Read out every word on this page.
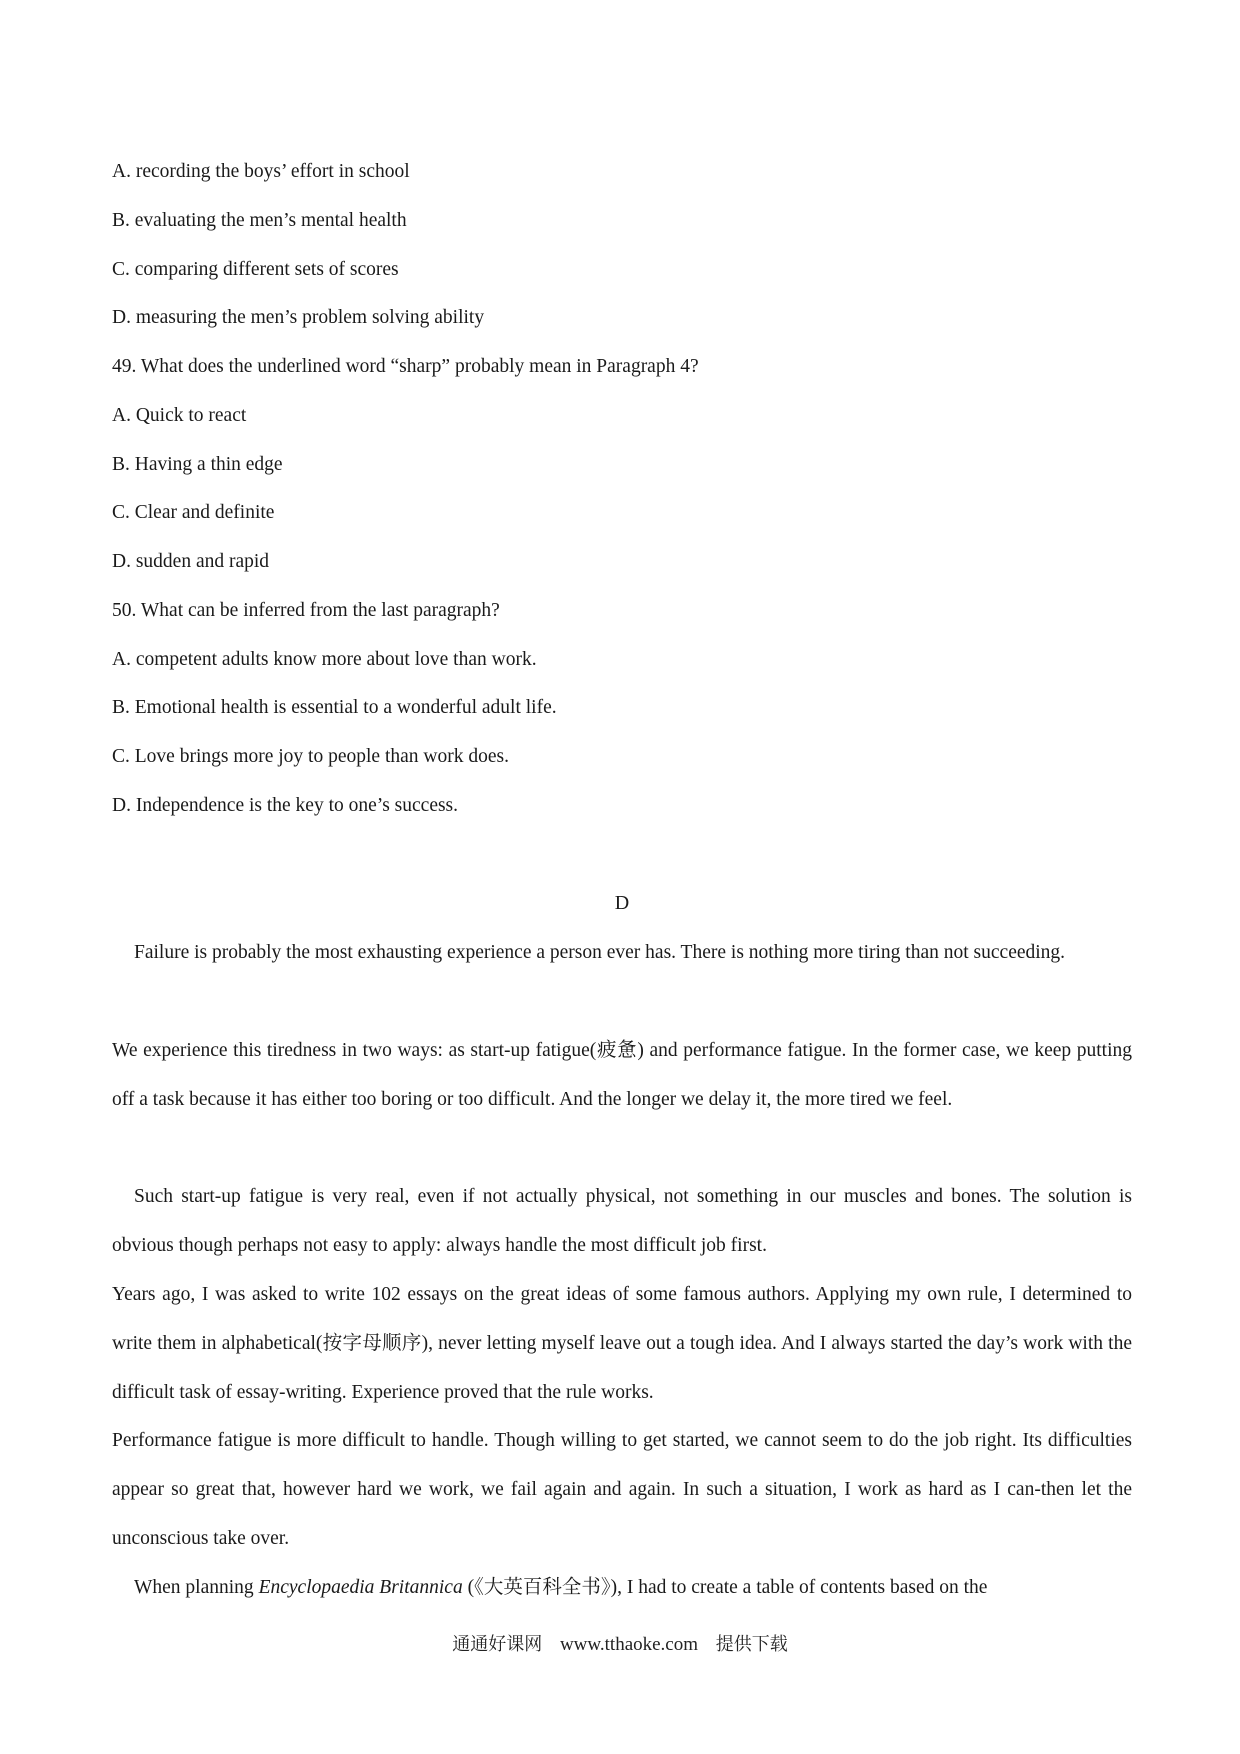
A. recording the boys’ effort in school
B. evaluating the men’s mental health
C. comparing different sets of scores
D. measuring the men’s problem solving ability
49. What does the underlined word “sharp” probably mean in Paragraph 4?
A. Quick to react
B. Having a thin edge
C. Clear and definite
D. sudden and rapid
50. What can be inferred from the last paragraph?
A. competent adults know more about love than work.
B. Emotional health is essential to a wonderful adult life.
C. Love brings more joy to people than work does.
D. Independence is the key to one’s success.
D
Failure is probably the most exhausting experience a person ever has. There is nothing more tiring than not succeeding.
We experience this tiredness in two ways: as start-up fatigue(疲惫) and performance fatigue. In the former case, we keep putting off a task because it has either too boring or too difficult. And the longer we delay it, the more tired we feel.
Such start-up fatigue is very real, even if not actually physical, not something in our muscles and bones. The solution is obvious though perhaps not easy to apply: always handle the most difficult job first.
Years ago, I was asked to write 102 essays on the great ideas of some famous authors. Applying my own rule, I determined to write them in alphabetical(按字母顺序), never letting myself leave out a tough idea. And I always started the day’s work with the difficult task of essay-writing. Experience proved that the rule works.
Performance fatigue is more difficult to handle. Though willing to get started, we cannot seem to do the job right. Its difficulties appear so great that, however hard we work, we fail again and again. In such a situation, I work as hard as I can-then let the unconscious take over.
When planning Encyclopaedia Britannica (《大英百科全书》), I had to create a table of contents based on the
通通好课网 www.tthaoke.com 提供下载
